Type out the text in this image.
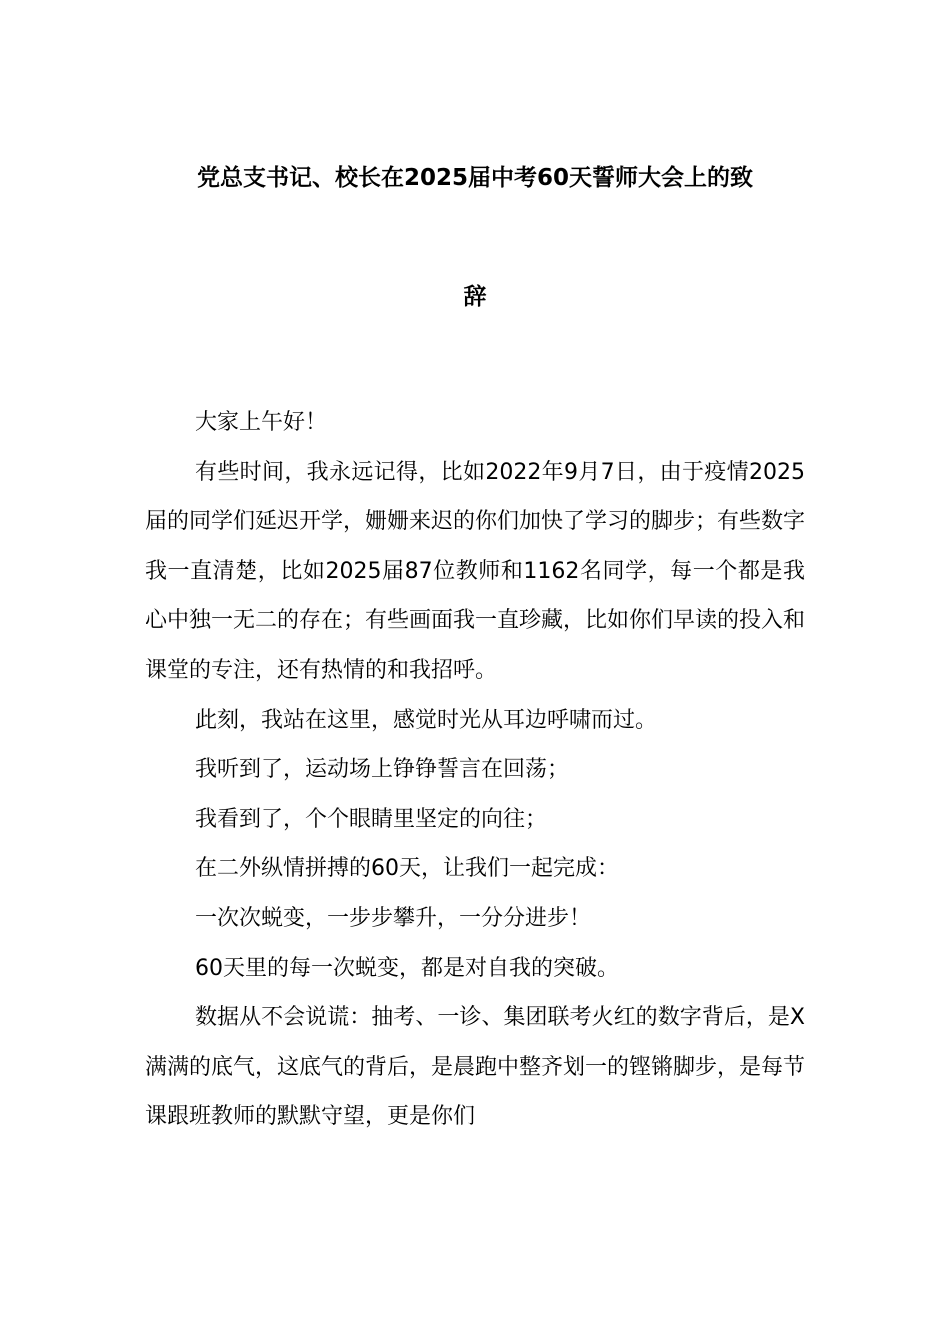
党总支书记、校长在2025届中考60天誓师大会上的致
辞

大家上午好！

有些时间，我永远记得，比如2022年9月7日，由于疫情2025届的同学们延迟开学，姗姗来迟的你们加快了学习的脚步；有些数字我一直清楚，比如2025届87位教师和1162名同学，每一个都是我心中独一无二的存在；有些画面我一直珍藏，比如你们早读的投入和课堂的专注，还有热情的和我招呼。

此刻，我站在这里，感觉时光从耳边呼啸而过。

我听到了，运动场上铮铮誓言在回荡；

我看到了，个个眼睛里坚定的向往；

在二外纵情拼搏的60天，让我们一起完成：

一次次蜕变，一步步攀升，一分分进步！

60天里的每一次蜕变，都是对自我的突破。

数据从不会说谎：抽考、一诊、集团联考火红的数字背后，是X满满的底气，这底气的背后，是晨跑中整齐划一的铿锵脚步，是每节课跟班教师的默默守望，更是你们
